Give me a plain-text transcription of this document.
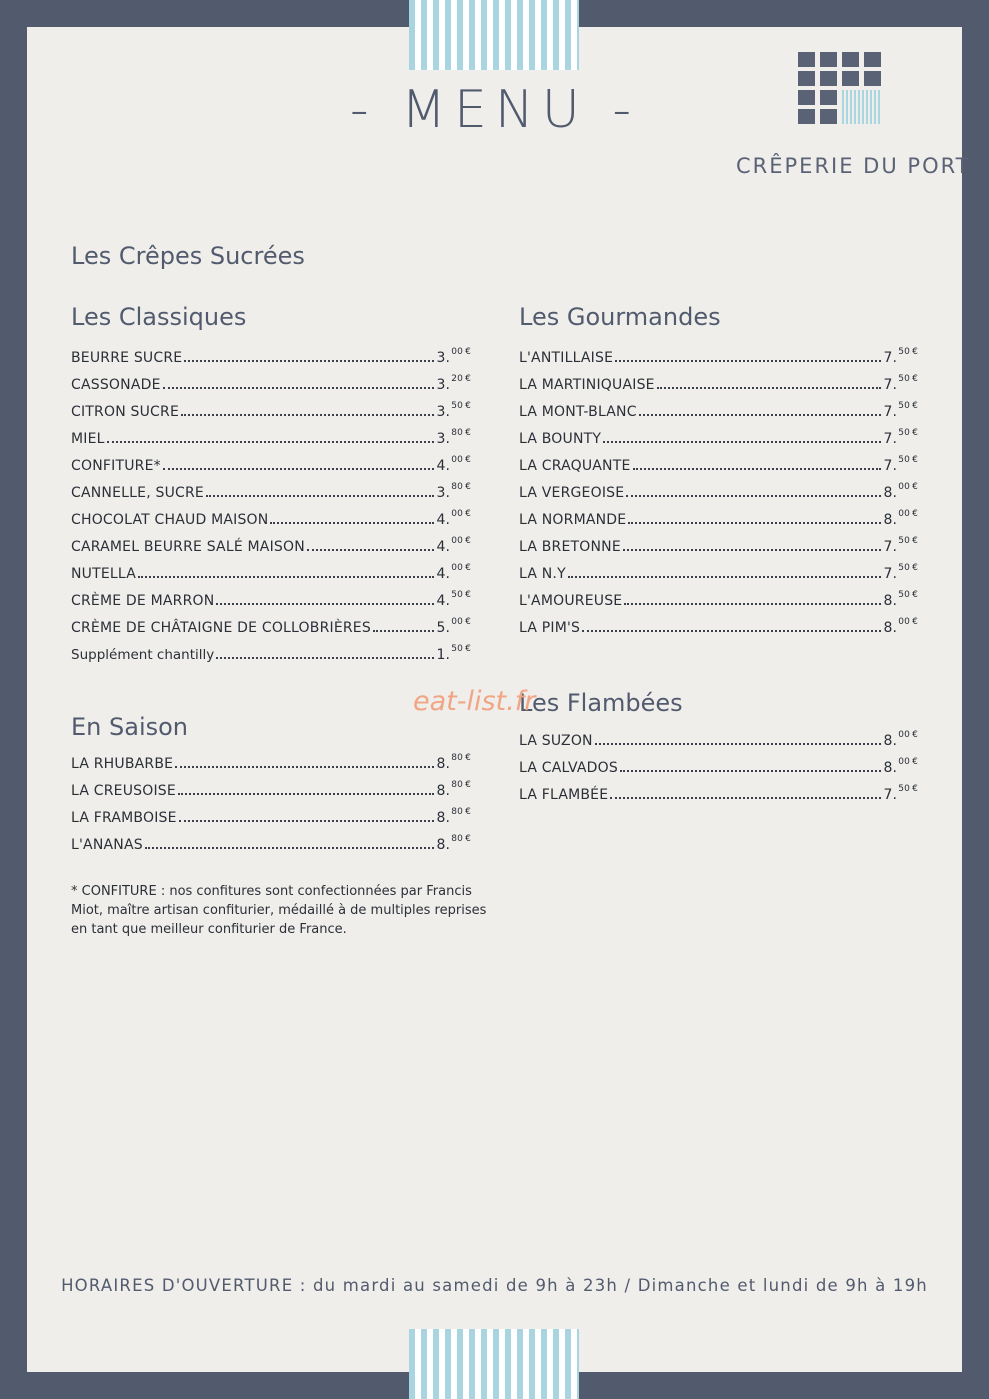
- MENU -
CRÊPERIE DU PORT
Les Crêpes Sucrées
Les Classiques
BEURRE SUCRE	3.00 €
CASSONADE	3.20 €
CITRON SUCRE	3.50 €
MIEL	3.80 €
CONFITURE*	4.00 €
CANNELLE, SUCRE	3.80 €
CHOCOLAT CHAUD MAISON	4.00 €
CARAMEL BEURRE SALÉ MAISON	4.00 €
NUTELLA	4.00 €
CRÈME DE MARRON	4.50 €
CRÈME DE CHÂTAIGNE DE COLLOBRIÈRES	5.00 €
Supplément chantilly	1.50 €
En Saison
LA RHUBARBE	8.80 €
LA CREUSOISE	8.80 €
LA FRAMBOISE	8.80 €
L'ANANAS	8.80 €
Les Gourmandes
L'ANTILLAISE	7.50 €
LA MARTINIQUAISE	7.50 €
LA MONT-BLANC	7.50 €
LA BOUNTY	7.50 €
LA CRAQUANTE	7.50 €
LA VERGEOISE	8.00 €
LA NORMANDE	8.00 €
LA BRETONNE	7.50 €
LA N.Y	7.50 €
L'AMOUREUSE	8.50 €
LA PIM'S	8.00 €
Les Flambées
LA SUZON	8.00 €
LA CALVADOS	8.00 €
LA FLAMBÉE	7.50 €

* CONFITURE : nos confitures sont confectionnées par Francis Miot, maître artisan confiturier, médaillé à de multiples reprises en tant que meilleur confiturier de France.

HORAIRES D'OUVERTURE : du mardi au samedi de 9h à 23h / Dimanche et lundi de 9h à 19h
eat-list.fr
